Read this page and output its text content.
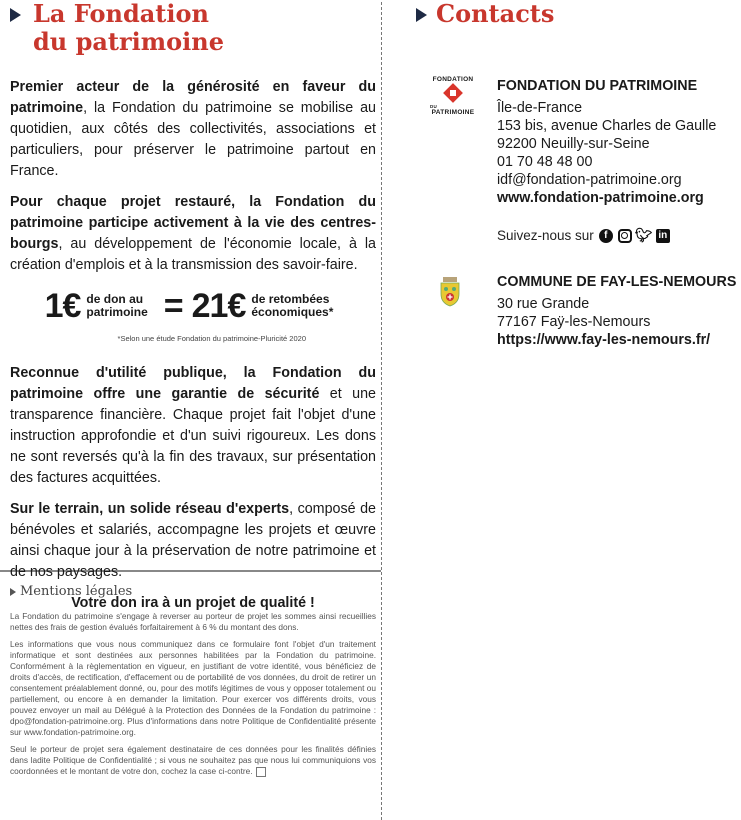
La Fondation
du patrimoine

Premier acteur de la générosité en faveur du patrimoine, la Fondation du patrimoine se mobilise au quotidien, aux côtés des collectivités, associations et particuliers, pour préserver le patrimoine partout en France.

Pour chaque projet restauré, la Fondation du patrimoine participe activement à la vie des centres-bourgs, au développement de l'économie locale, à la création d'emplois et à la transmission des savoir-faire.

1€ de don au
patrimoine = 21€ de retombées
économiques*
*Selon une étude Fondation du patrimoine-Pluricité 2020

Reconnue d'utilité publique, la Fondation du patrimoine offre une garantie de sécurité et une transparence financière. Chaque projet fait l'objet d'une instruction approfondie et d'un suivi rigoureux. Les dons ne sont reversés qu'à la fin des travaux, sur présentation des factures acquittées.

Sur le terrain, un solide réseau d'experts, composé de bénévoles et salariés, accompagne les projets et œuvre ainsi chaque jour à la préservation de notre patrimoine et de nos paysages.

Votre don ira à un projet de qualité !
Mentions légales

La Fondation du patrimoine s'engage à reverser au porteur de projet les sommes ainsi recueillies nettes des frais de gestion évalués forfaitairement à 6 % du montant des dons.

Les informations que vous nous communiquez dans ce formulaire font l'objet d'un traitement informatique et sont destinées aux personnes habilitées par la Fondation du patrimoine. Conformément à la règlementation en vigueur, en justifiant de votre identité, vous bénéficiez de droits d'accès, de rectification, d'effacement ou de portabilité de vos données, du droit de retirer un consentement préalablement donné, ou, pour des motifs légitimes de vous y opposer totalement ou partiellement, ou encore à en demander la limitation. Pour exercer vos différents droits, vous pouvez envoyer un mail au Délégué à la Protection des Données de la Fondation du patrimoine : dpo@fondation-patrimoine.org. Plus d'informations dans notre Politique de Confidentialité présente sur www.fondation-patrimoine.org.

Seul le porteur de projet sera également destinataire de ces données pour les finalités définies dans ladite Politique de Confidentialité ; si vous ne souhaitez pas que nous lui communiquions vos coordonnées et le montant de votre don, cochez la case ci-contre.

Contacts
FONDATION
DU
PATRIMOINE
FONDATION DU PATRIMOINE
Île-de-France
153 bis, avenue Charles de Gaulle
92200 Neuilly-sur-Seine
01 70 48 48 00
idf@fondation-patrimoine.org
www.fondation-patrimoine.org
Suivez-nous sur	f	🐦︎ in
COMMUNE DE FAY-LES-NEMOURS
30 rue Grande
77167 Faÿ-les-Nemours
https://www.fay-les-nemours.fr/
